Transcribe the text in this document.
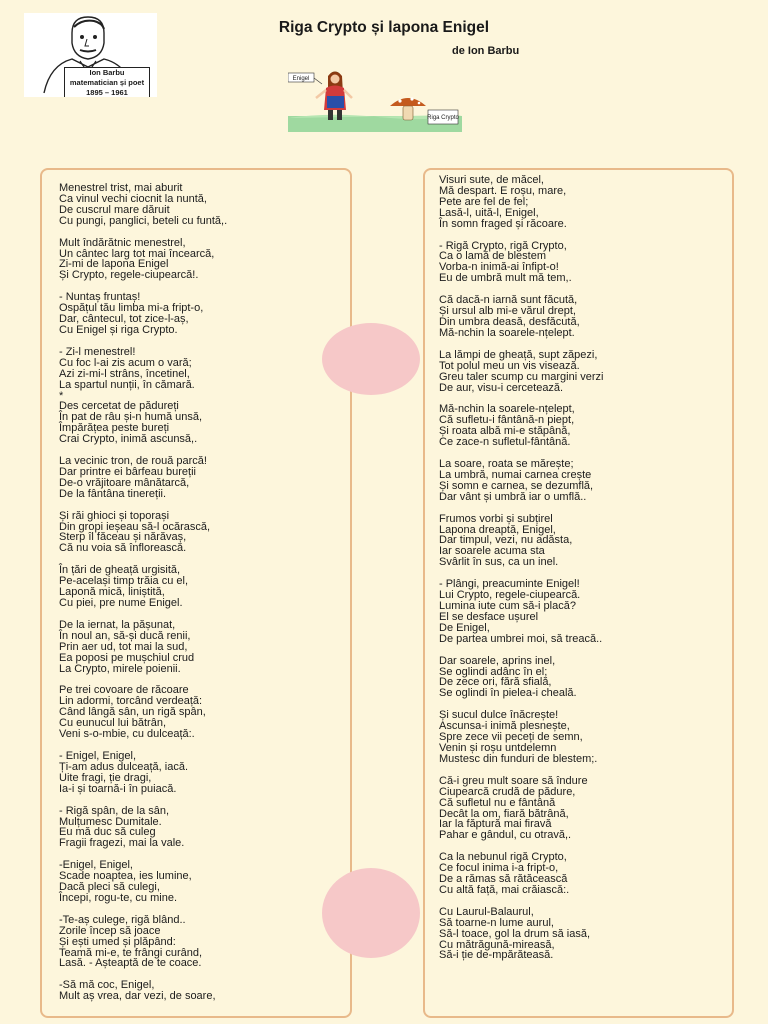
Ion Barbu
matematician și poet
1895 – 1961
Riga Crypto și lapona Enigel
de Ion Barbu
Enigel
Riga Crypto
Menestrel trist, mai aburit
Ca vinul vechi ciocnit la nuntă,
De cuscrul mare dăruit
Cu pungi, panglici, beteli cu funtă,.
Mult îndărătnic menestrel,
Un cântec larg tot mai încearcă,
Zi-mi de lapona Enigel
Și Crypto, regele-ciupearcă!.
- Nuntaș fruntaș!
Ospățul tău limba mi-a fript-o,
Dar, cântecul, tot zice-l-aș,
Cu Enigel și riga Crypto.
- Zi-l menestrel!
Cu foc l-ai zis acum o vară;
Azi zi-mi-l strâns, încetinel,
La spartul nunții, în cămară.
*
Des cercetat de pădureți
În pat de râu și-n humă unsă,
Împărățea peste bureți
Crai Crypto, inimă ascunsă,.
La vecinic tron, de rouă parcă!
Dar printre ei bârfeau bureții
De-o vrăjitoare mânătarcă,
De la fântâna tinereții.
Și răi ghioci și toporași
Din gropi ieșeau să-l ocărască,
Sterp îl făceau și nărăvaș,
Că nu voia să înflorească.
În țări de gheață urgisită,
Pe-același timp trăia cu el,
Laponă mică, liniștită,
Cu piei, pre nume Enigel.
De la iernat, la pășunat,
În noul an, să-și ducă renii,
Prin aer ud, tot mai la sud,
Ea poposi pe mușchiul crud
La Crypto, mirele poienii.
Pe trei covoare de răcoare
Lin adormi, torcând verdeață:
Când lângă sân, un rigă spân,
Cu eunucul lui bătrân,
Veni s-o-mbie, cu dulceață:.
- Enigel, Enigel,
Ți-am adus dulceață, iacă.
Uite fragi, ție dragi,
Ia-i și toarnă-i în puiacă.
- Rigă spân, de la sân,
Mulțumesc Dumitale.
Eu mă duc să culeg
Fragii fragezi, mai la vale.
-Enigel, Enigel,
Scade noaptea, ies lumine,
Dacă pleci să culegi,
Începi, rogu-te, cu mine.
-Te-aș culege, rigă blând..
Zorile încep să joace
Și ești umed și plăpând:
Teamă mi-e, te frângi curând,
Lasă. - Așteaptă de te coace.
-Să mă coc, Enigel,
Mult aș vrea, dar vezi, de soare,
Visuri sute, de măcel,
Mă despart. E roșu, mare,
Pete are fel de fel;
Lasă-l, uită-l, Enigel,
În somn fraged și răcoare.
- Rigă Crypto, rigă Crypto,
Ca o lamă de blestem
Vorba-n inimă-ai înfipt-o!
Eu de umbră mult mă tem,.
Că dacă-n iarnă sunt făcută,
Și ursul alb mi-e vărul drept,
Din umbra deasă, desfăcută,
Mă-nchin la soarele-nțelept.
La lămpi de gheață, supt zăpezi,
Tot polul meu un vis visează.
Greu taler scump cu margini verzi
De aur, visu-i cercetează.
Mă-nchin la soarele-nțelept,
Că sufletu-i fântână-n piept,
Și roata albă mi-e stăpână,
Ce zace-n sufletul-fântână.
La soare, roata se mărește;
La umbră, numai carnea crește
Și somn e carnea, se dezumflă,
Dar vânt și umbră iar o umflă..
Frumos vorbi și subțirel
Lapona dreaptă, Enigel,
Dar timpul, vezi, nu adăsta,
Iar soarele acuma sta
Svârlit în sus, ca un inel.
- Plângi, preacuminte Enigel!
Lui Crypto, regele-ciupearcă.
Lumina iute cum să-i placă?
El se desface ușurel
De Enigel,
De partea umbrei moi, să treacă..
Dar soarele, aprins inel,
Se oglindi adânc în el;
De zece ori, fără sfială,
Se oglindi în pielea-i cheală.
Și sucul dulce înăcrește!
Ascunsa-i inimă plesnește,
Spre zece vii peceți de semn,
Venin și roșu untdelemn
Mustesc din funduri de blestem;.
Că-i greu mult soare să îndure
Ciupearcă crudă de pădure,
Că sufletul nu e fântână
Decât la om, fiară bătrână,
Iar la făptură mai firavă
Pahar e gândul, cu otravă,.
Ca la nebunul rigă Crypto,
Ce focul inima i-a fript-o,
De a rămas să rătăcească
Cu altă față, mai crăiască:.
Cu Laurul-Balaurul,
Să toarne-n lume aurul,
Să-l toace, gol la drum să iasă,
Cu mătrăgună-mireasă,
Să-i ție de-mpărăteasă.
